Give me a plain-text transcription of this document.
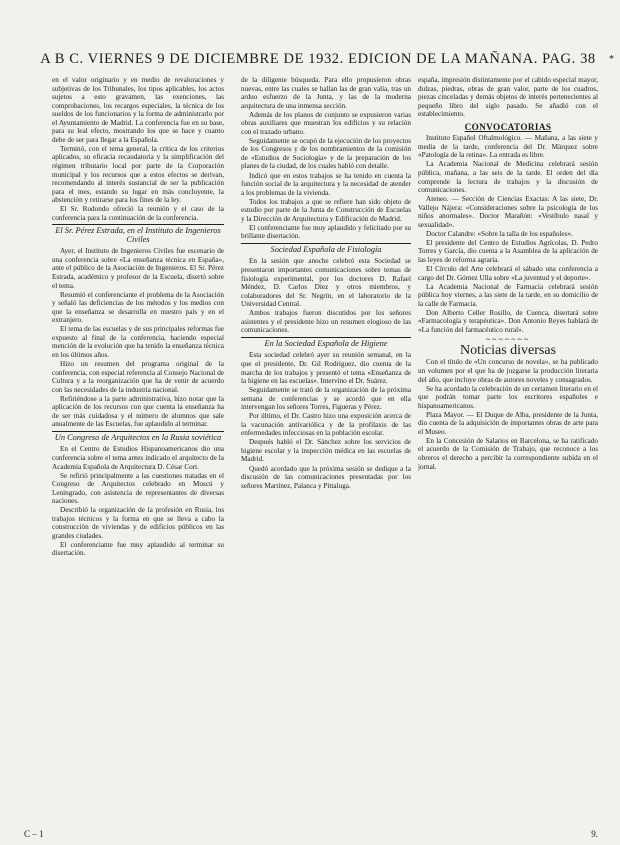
A B C. VIERNES 9 DE DICIEMBRE DE 1932. EDICION DE LA MAÑANA. PAG. 38	*

en el valor originario y en medio de revaloraciones y subjetivas de los Tribunales, los tipos aplicables, los actos sujetos a esto gravamen, las exenciones, las comprobaciones, los recargos especiales, la técnica de los sueldos de los funcionarios y la forma de administrarlo por el Ayuntamiento de Madrid. La conferencia fue en su base, para su leal efecto, mostrando los que se hace y cuanto debe de ser para llegar a la Española.

Terminó, con el tema general, la crítica de los criterios aplicados, su eficacia recaudatoria y la simplificación del régimen tributario local por parte de la Corporación municipal y los recursos que a estos efectos se derivan, recomendando al interés sustancial de ser la publicación para el mes, estando su lugar en más concluyente, la abstención y retirarse para los fines de la ley.

El Sr. Rodondo ofreció la reunión y el caso de la conferencia para la continuación de la conferencia.

El Sr. Pérez Estrada, en el Instituto de Ingenieros Civiles

Ayer, el Instituto de Ingenieros Civiles fue escenario de una conferencia sobre «La enseñanza técnica en España», ante el público de la Asociación de Ingenieros. El Sr. Pérez Estrada, académico y profesor de la Escuela, disertó sobre el tema.

Resumió el conferenciante el problema de la Asociación y señaló las deficiencias de los métodos y los medios con que la enseñanza se desarrolla en nuestro país y en el extranjero.

El tema de las escuelas y de sus principales reformas fue expuesto al final de la conferencia, haciendo especial mención de la evolución que ha tenido la enseñanza técnica en los últimos años.

Hizo un resumen del programa original de la conferencia, con especial referencia al Consejo Nacional de Cultura y a la reorganización que ha de venir de acuerdo con las necesidades de la industria nacional.

Refiriéndose a la parte administrativa, hizo notar que la aplicación de los recursos con que cuenta la enseñanza ha de ser más cuidadosa y el número de alumnos que sale anualmente de las Escuelas, fue aplaudido al terminar.

Un Congreso de Arquitectos en la Rusia soviética

En el Centro de Estudios Hispanoamericanos dio una conferencia sobre el tema antes indicado el arquitecto de la Academia Española de Arquitectura D. César Cort.

Se refirió principalmente a las cuestiones tratadas en el Congreso de Arquitectos celebrado en Moscú y Leningrado, con asistencia de representantes de diversas naciones.

Describió la organización de la profesión en Rusia, los trabajos técnicos y la forma en que se lleva a cabo la construcción de viviendas y de edificios públicos en las grandes ciudades.

El conferenciante fue muy aplaudido al terminar su disertación.

de la diligente búsqueda. Para ello propusieron obras nuevas, entre las cuales se hallan las de gran valía, tras un arduo esfuerzo de la Junta, y las de la moderna arquitectura de una inmensa sección.

Además de los planos de conjunto se expusieron varias obras auxiliares que muestran los edificios y su relación con el trazado urbano.

Seguidamente se ocupó de la ejecución de los proyectos de los Congresos y de los nombramientos de la comisión de «Estudios de Sociología» y de la preparación de los planes de la ciudad, de los cuales habló con detalle.

Indicó que en estos trabajos se ha tenido en cuenta la función social de la arquitectura y la necesidad de atender a los problemas de la vivienda.

Todos los trabajos a que se refiere han sido objeto de estudio por parte de la Junta de Construcción de Escuelas y la Dirección de Arquitectura y Edificación de Madrid.

El conferenciante fue muy aplaudido y felicitado por su brillante disertación.

Sociedad Española de Fisiología

En la sesión que anoche celebró esta Sociedad se presentaron importantes comunicaciones sobre temas de fisiología experimental, por los doctores D. Rafael Méndez, D. Carlos Díez y otros miembros, y colaboradores del Sr. Negrín, en el laboratorio de la Universidad Central.

Ambos trabajos fueron discutidos por los señores asistentes y el presidente hizo un resumen elogioso de las comunicaciones.

En la Sociedad Española de Higiene

Esta sociedad celebró ayer su reunión semanal, en la que el presidente, Dr. Gil Rodríguez, dio cuenta de la marcha de los trabajos y presentó el tema «Enseñanza de la higiene en las escuelas». Intervino el Dr. Suárez.

Seguidamente se trató de la organización de la próxima semana de conferencias y se acordó que en ella intervengan los señores Torres, Figueras y Pérez.

Por último, el Dr. Castro hizo una exposición acerca de la vacunación antivariólica y de la profilaxis de las enfermedades infecciosas en la población escolar.

Después habló el Dr. Sánchez sobre los servicios de higiene escolar y la inspección médica en las escuelas de Madrid.

Quedó acordado que la próxima sesión se dedique a la discusión de las comunicaciones presentadas por los señores Martínez, Palanca y Pittaluga.

españa, impresión distintamente por el cabido especial mayor, dulzas, piedras, obras de gran valor, parte de los cuadros, piezas cinceladas y demás objetos de interés pertenecientes al pequeño libro del siglo pasado. Se añadió con el establecimiento.

CONVOCATORIAS

Instituto Español Oftalmológico. — Mañana, a las siete y media de la tarde, conferencia del Dr. Márquez sobre «Patología de la retina». La entrada es libre.

La Academia Nacional de Medicina celebrará sesión pública, mañana, a las seis de la tarde. El orden del día comprende la lectura de trabajos y la discusión de comunicaciones.

Ateneo. — Sección de Ciencias Exactas: A las siete, Dr. Vallejo Nájera: «Consideraciones sobre la psicología de los niños anormales». Doctor Marañón: «Vestíbulo nasal y sexualidad».

Doctor Calandre: «Sobre la talla de los españoles».

El presidente del Centro de Estudios Agrícolas, D. Pedro Torres y García, dio cuenta a la Asamblea de la aplicación de las leyes de reforma agraria.

El Círculo del Arte celebrará el sábado una conferencia a cargo del Dr. Gómez Ulla sobre «La juventud y el deporte».

La Academia Nacional de Farmacia celebrará sesión pública hoy viernes, a las siete de la tarde, en su domicilio de la calle de Farmacia.

Don Alberto Celler Rosillo, de Cuenca, disertará sobre «Farmacología y terapéutica». Don Antonio Reyes hablará de «La función del farmacéutico rural».

~~~~~~~
Noticias diversas

Con el título de «Un concurso de novela», se ha publicado un volumen por el que ha de juzgarse la producción literaria del año, que incluye obras de autores noveles y consagrados.

Se ha acordado la celebración de un certamen literario en el que podrán tomar parte los escritores españoles e hispanoamericanos.

Plaza Mayor. — El Duque de Alba, presidente de la Junta, dio cuenta de la adquisición de importantes obras de arte para el Museo.

En la Concesión de Salarios en Barcelona, se ha ratificado el acuerdo de la Comisión de Trabajo, que reconoce a los obreros el derecho a percibir la correspondiente subida en el jornal.

C – 1	9.
